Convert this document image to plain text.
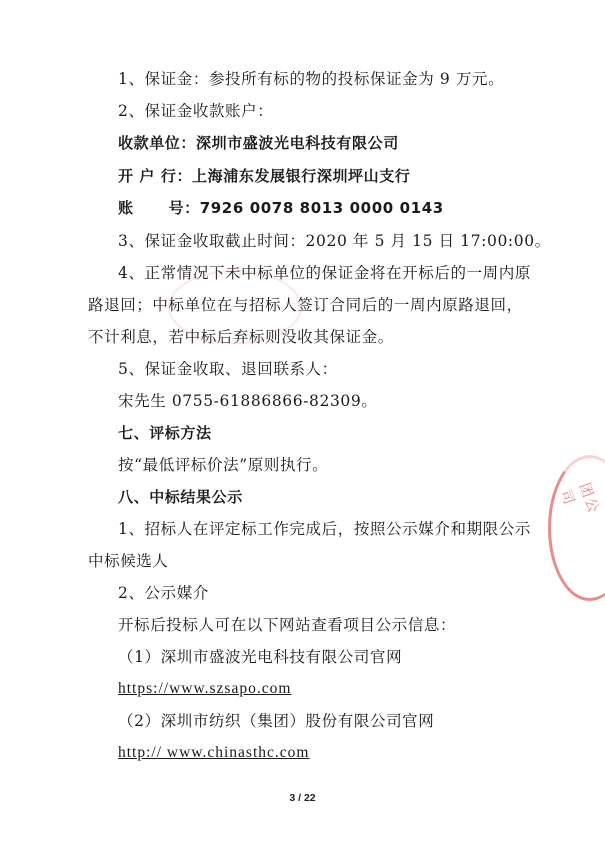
1、保证金：参投所有标的物的投标保证金为 9 万元。
2、保证金收款账户：
收款单位：深圳市盛波光电科技有限公司
开 户 行：上海浦东发展银行深圳坪山支行
账      号：7926 0078 8013 0000 0143
3、保证金收取截止时间：2020 年 5 月 15 日 17:00:00。
4、正常情况下未中标单位的保证金将在开标后的一周内原
路退回；中标单位在与招标人签订合同后的一周内原路退回，
不计利息，若中标后弃标则没收其保证金。
5、保证金收取、退回联系人：
宋先生 0755-61886866-82309。
七、评标方法
按“最低评标价法”原则执行。
八、中标结果公示
1、招标人在评定标工作完成后，按照公示媒介和期限公示
中标候选人
2、公示媒介
开标后投标人可在以下网站查看项目公示信息：
（1）深圳市盛波光电科技有限公司官网
https://www.szsapo.com
（2）深圳市纺织（集团）股份有限公司官网
http:// www.chinasthc.com
团公司
3 / 22
